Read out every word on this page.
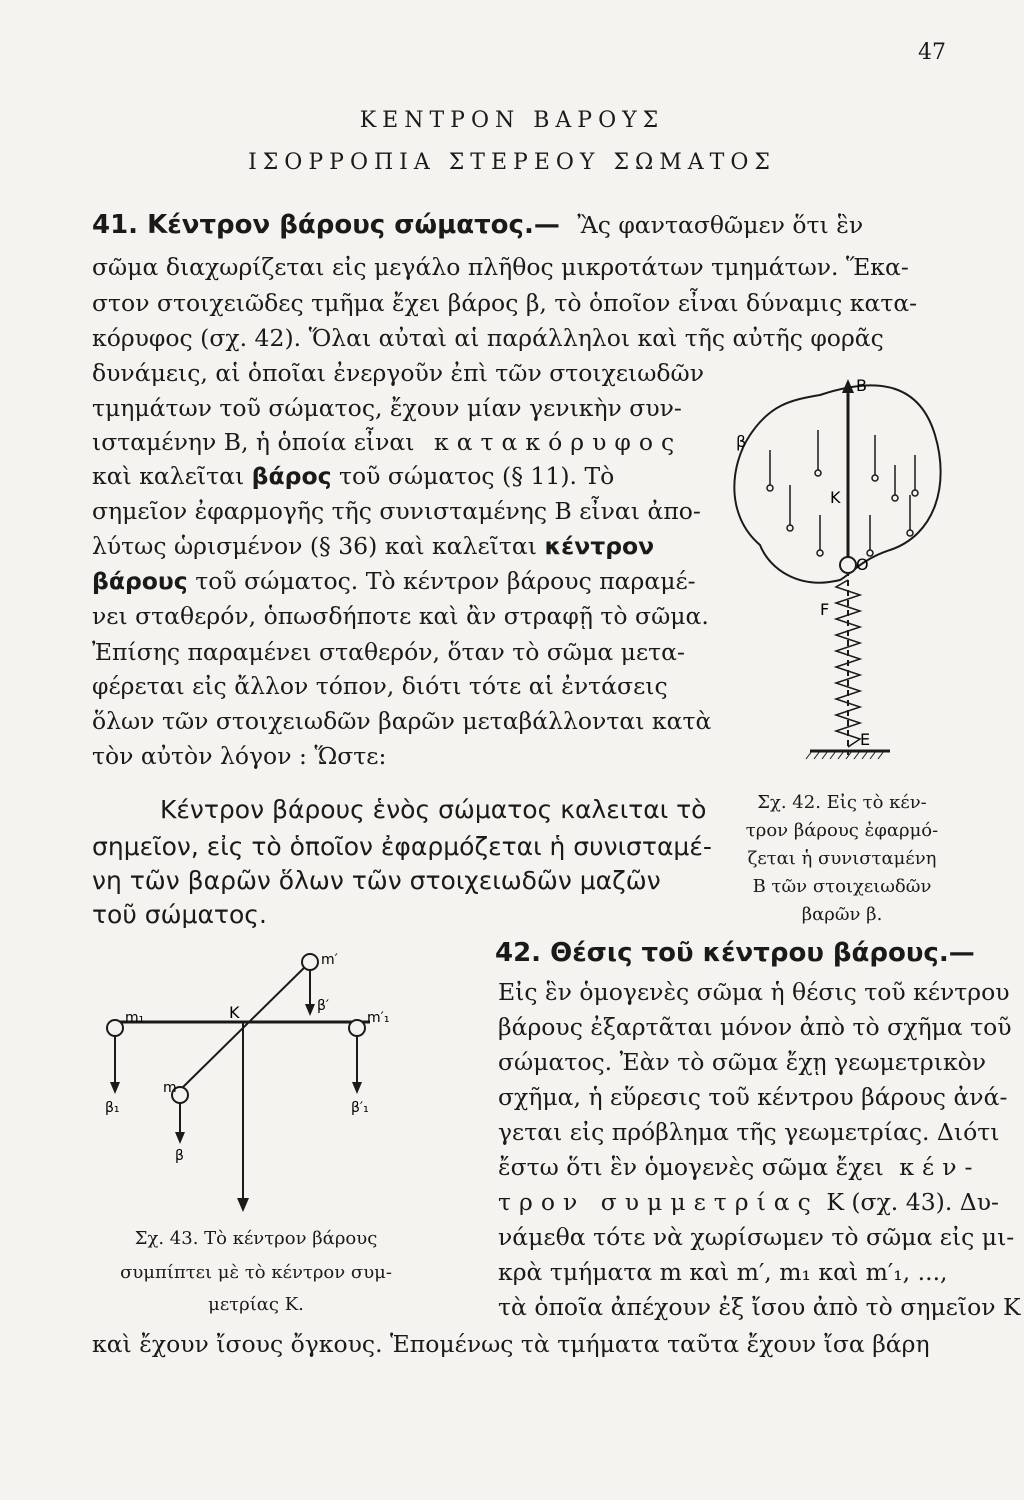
47
ΚΕΝΤΡΟΝ ΒΑΡΟΥΣ
ΙΣΟΡΡΟΠΙΑ ΣΤΕΡΕΟΥ ΣΩΜΑΤΟΣ
41. Κέντρον βάρους σώματος.— Ἂς φαντασθῶμεν ὅτι ἓν
σῶμα διαχωρίζεται εἰς μεγάλο πλῆθος μικροτάτων τμημάτων. Ἕκα-
στον στοιχειῶδες τμῆμα ἔχει βάρος β, τὸ ὁποῖον εἶναι δύναμις κατα-
κόρυφος (σχ. 42). Ὅλαι αὐταὶ αἱ παράλληλοι καὶ τῆς αὐτῆς φορᾶς
δυνάμεις, αἱ ὁποῖαι ἐνεργοῦν ἐπὶ τῶν στοιχειωδῶν
τμημάτων τοῦ σώματος, ἔχουν μίαν γενικὴν συν-
ισταμένην Β, ἡ ὁποία εἶναι κατακόρυφος
καὶ καλεῖται βάρος τοῦ σώματος (§ 11). Τὸ
σημεῖον ἐφαρμογῆς τῆς συνισταμένης Β εἶναι ἀπο-
λύτως ὡρισμένον (§ 36) καὶ καλεῖται κέντρον
βάρους τοῦ σώματος. Τὸ κέντρον βάρους παραμέ-
νει σταθερόν, ὁπωσδήποτε καὶ ἂν στραφῇ τὸ σῶμα.
Ἐπίσης παραμένει σταθερόν, ὅταν τὸ σῶμα μετα-
φέρεται εἰς ἄλλον τόπον, διότι τότε αἱ ἐντάσεις
ὅλων τῶν στοιχειωδῶν βαρῶν μεταβάλλονται κατὰ
τὸν αὐτὸν λόγον : Ὥστε:
Κέντρον βάρους ἑνὸς σώματος καλειται τὸ
σημεῖον, εἰς τὸ ὁποῖον ἐφαρμόζεται ἡ συνισταμέ-
νη τῶν βαρῶν ὅλων τῶν στοιχειωδῶν μαζῶν
τοῦ σώματος.
B
β
K
O
F
E
Σχ. 42. Εἰς τὸ κέν-
τρον βάρους ἐφαρμό-
ζεται ἡ συνισταμένη
Β τῶν στοιχειωδῶν
βαρῶν β.
m′
m₁	K	β′
m′₁
m
β₁	β′₁
β
Σχ. 43. Τὸ κέντρον βάρους
συμπίπτει μὲ τὸ κέντρον συμ-
μετρίας Κ.
42. Θέσις τοῦ κέντρου βάρους.—
Εἰς ἓν ὁμογενὲς σῶμα ἡ θέσις τοῦ κέντρου
βάρους ἐξαρτᾶται μόνον ἀπὸ τὸ σχῆμα τοῦ
σώματος. Ἐὰν τὸ σῶμα ἔχῃ γεωμετρικὸν
σχῆμα, ἡ εὕρεσις τοῦ κέντρου βάρους ἀνά-
γεται εἰς πρόβλημα τῆς γεωμετρίας. Διότι
ἔστω ὅτι ἓν ὁμογενὲς σῶμα ἔχει κέν-
τρον συμμετρίας Κ (σχ. 43). Δυ-
νάμεθα τότε νὰ χωρίσωμεν τὸ σῶμα εἰς μι-
κρὰ τμήματα m καὶ m′, m₁ καὶ m′₁, ...,
τὰ ὁποῖα ἀπέχουν ἐξ ἴσου ἀπὸ τὸ σημεῖον Κ
καὶ ἔχουν ἴσους ὄγκους. Ἑπομένως τὰ τμήματα ταῦτα ἔχουν ἴσα βάρη
